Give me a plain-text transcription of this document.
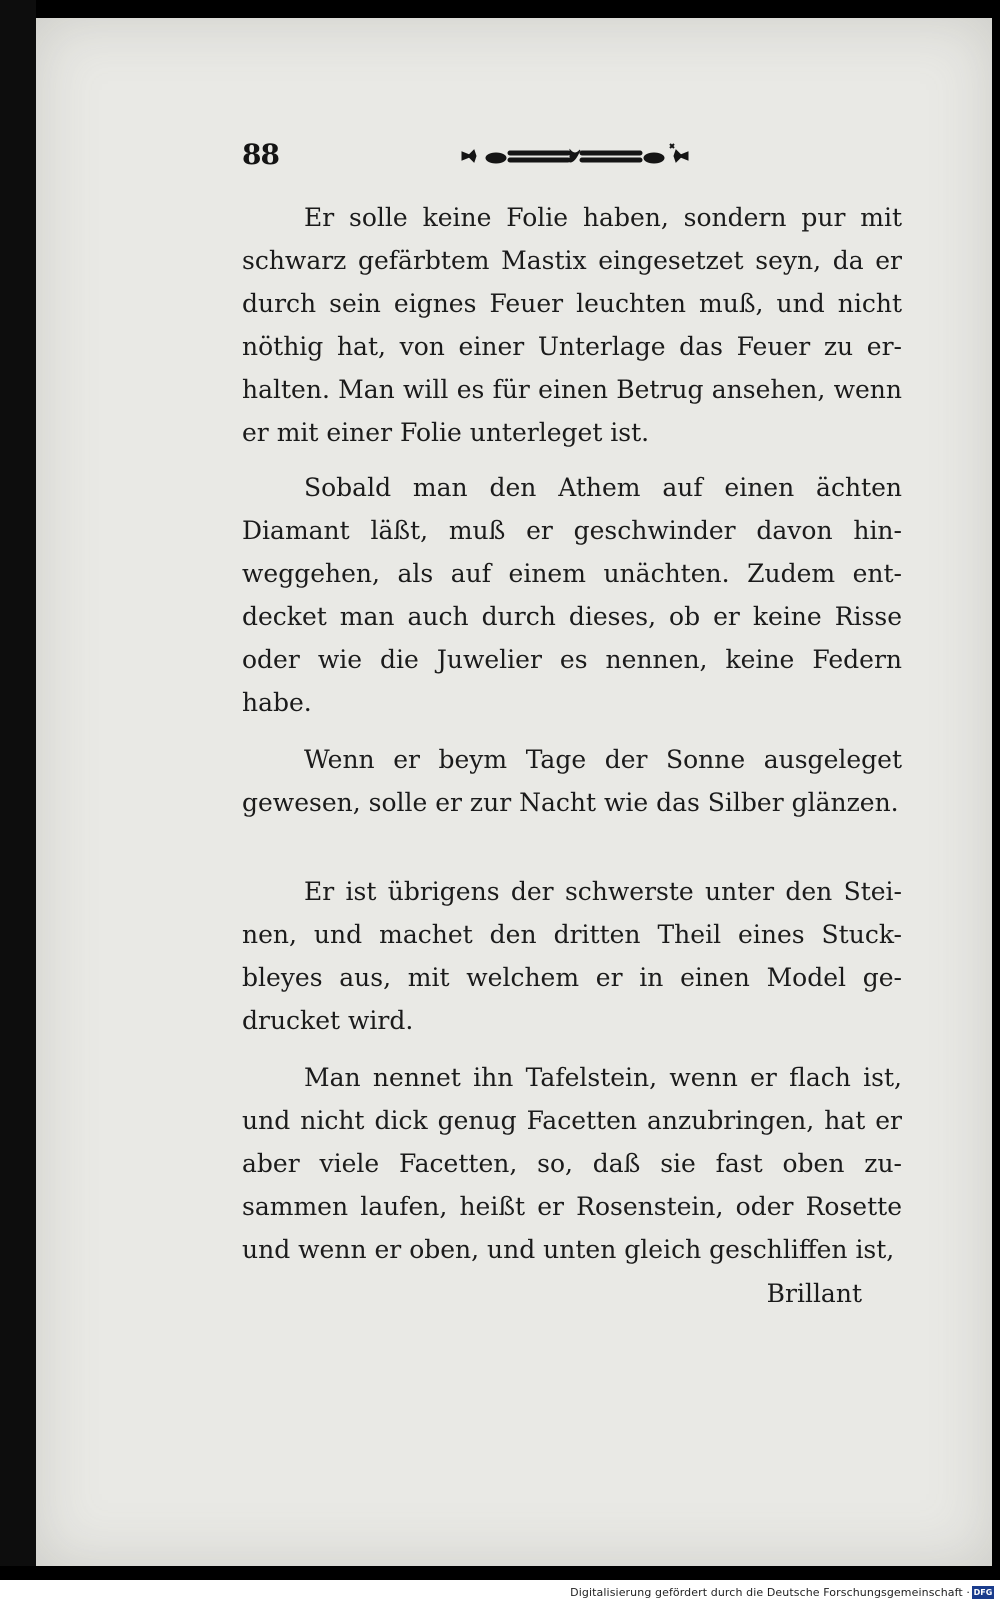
88
Er solle keine Folie haben, sondern pur mit schwarz gefärbtem Mastix eingesetzet seyn, da er durch sein eignes Feuer leuchten muß, und nicht nöthig hat, von einer Unterlage das Feuer zu er- halten. Man will es für einen Betrug ansehen, wenn er mit einer Folie unterleget ist.
Sobald man den Athem auf einen ächten Diamant läßt, muß er geschwinder davon hin- weggehen, als auf einem unächten. Zudem ent- decket man auch durch dieses, ob er keine Risse oder wie die Juwelier es nennen, keine Federn habe.
Wenn er beym Tage der Sonne ausgeleget gewesen, solle er zur Nacht wie das Silber glänzen.
Er ist übrigens der schwerste unter den Stei- nen, und machet den dritten Theil eines Stuck- bleyes aus, mit welchem er in einen Model ge- drucket wird.
Man nennet ihn Tafelstein, wenn er flach ist, und nicht dick genug Facetten anzubringen, hat er aber viele Facetten, so, daß sie fast oben zu- sammen laufen, heißt er Rosenstein, oder Rosette und wenn er oben, und unten gleich geschliffen ist,
Brillant
Digitalisierung gefördert durch die Deutsche Forschungsgemeinschaft · DFG
